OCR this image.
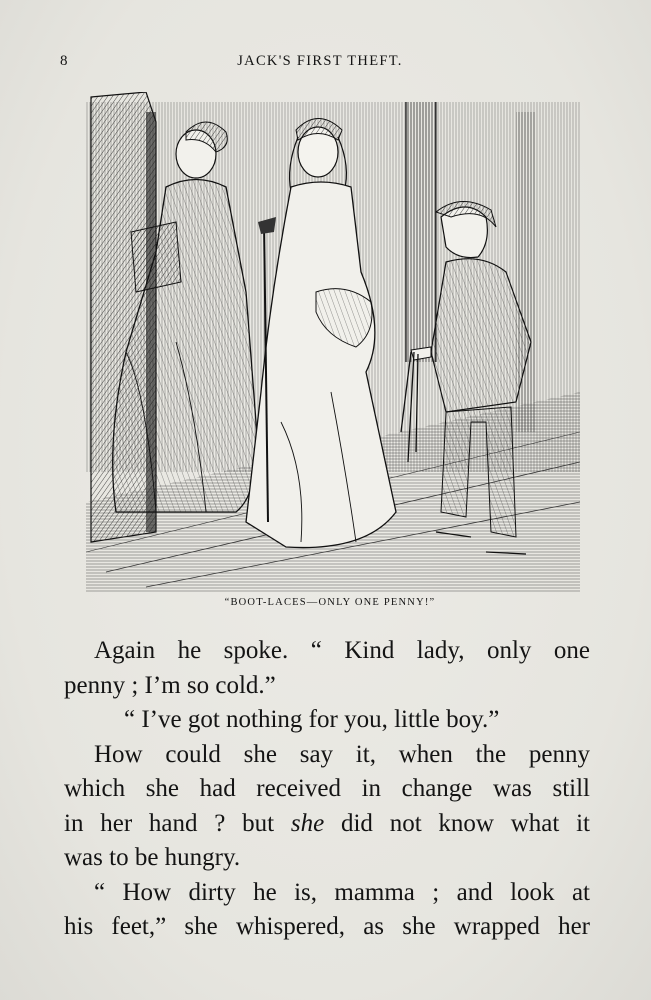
8	JACK'S FIRST THEFT.
“BOOT-LACES—ONLY ONE PENNY!”

Again he spoke. “ Kind lady, only one

penny ; I’m so cold.”

“ I’ve got nothing for you, little boy.”

How could she say it, when the penny
which she had received in change was still
in her hand ? but she did not know what it
was to be hungry.

“ How dirty he is, mamma ; and look at
his feet,” she whispered, as she wrapped her
